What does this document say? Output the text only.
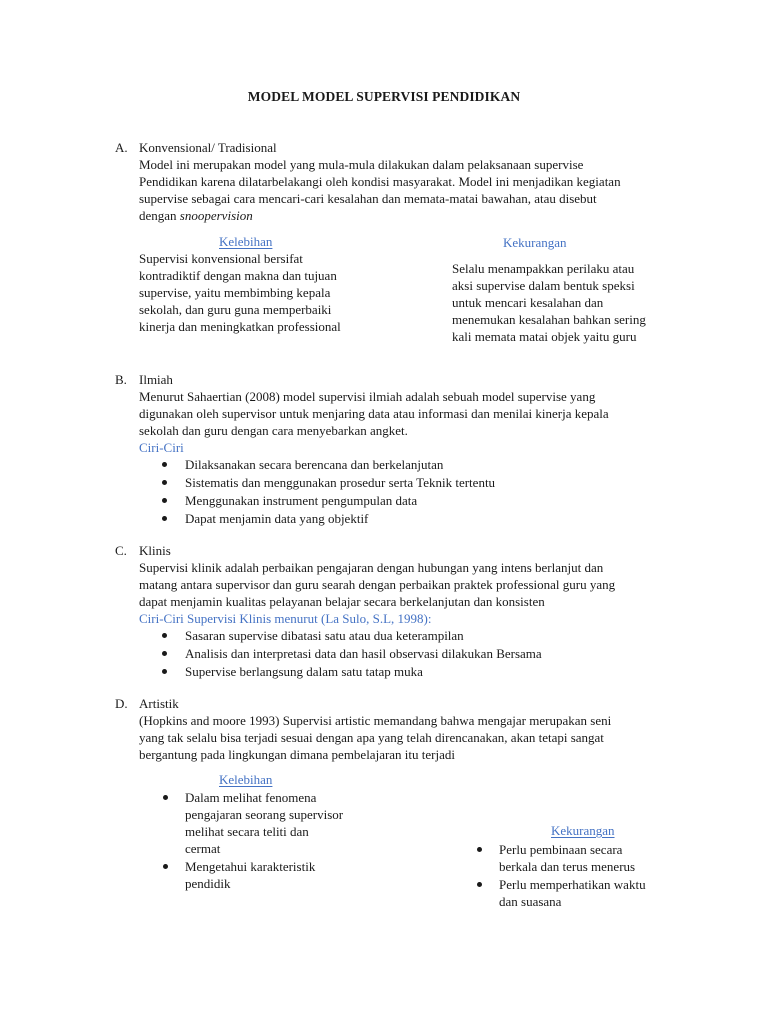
MODEL MODEL SUPERVISI PENDIDIKAN
A. Konvensional/ Tradisional

Model ini merupakan model yang mula-mula dilakukan dalam pelaksanaan supervise

Pendidikan karena dilatarbelakangi oleh kondisi masyarakat. Model ini menjadikan kegiatan

supervise sebagai cara mencari-cari kesalahan dan memata-matai bawahan, atau disebut

dengan snoopervision

Kelebihan

Supervisi konvensional bersifat

kontradiktif dengan makna dan tujuan

supervise, yaitu membimbing kepala

sekolah, dan guru guna memperbaiki

kinerja dan meningkatkan professional

Kekurangan

Selalu menampakkan perilaku atau

aksi supervise dalam bentuk speksi

untuk mencari kesalahan dan

menemukan kesalahan bahkan sering

kali memata matai objek yaitu guru

B. Ilmiah

Menurut Sahaertian (2008) model supervisi ilmiah adalah sebuah model supervise yang

digunakan oleh supervisor untuk menjaring data atau informasi dan menilai kinerja kepala

sekolah dan guru dengan cara menyebarkan angket.

Ciri-Ciri

Dilaksanakan secara berencana dan berkelanjutan
Sistematis dan menggunakan prosedur serta Teknik tertentu
Menggunakan instrument pengumpulan data
Dapat menjamin data yang objektif
C. Klinis

Supervisi klinik adalah perbaikan pengajaran dengan hubungan yang intens berlanjut dan

matang antara supervisor dan guru searah dengan perbaikan praktek professional guru yang

dapat menjamin kualitas pelayanan belajar secara berkelanjutan dan konsisten

Ciri-Ciri Supervisi Klinis menurut (La Sulo, S.L, 1998):

Sasaran supervise dibatasi satu atau dua keterampilan
Analisis dan interpretasi data dan hasil observasi dilakukan Bersama
Supervise berlangsung dalam satu tatap muka
D. Artistik

(Hopkins and moore 1993) Supervisi artistic memandang bahwa mengajar merupakan seni

yang tak selalu bisa terjadi sesuai dengan apa yang telah direncanakan, akan tetapi sangat

bergantung pada lingkungan dimana pembelajaran itu terjadi

Kelebihan

Dalam melihat fenomena

pengajaran seorang supervisor

melihat secara teliti dan

cermat

Mengetahui karakteristik

pendidik

Kekurangan

Perlu pembinaan secara

berkala dan terus menerus

Perlu memperhatikan waktu

dan suasana
